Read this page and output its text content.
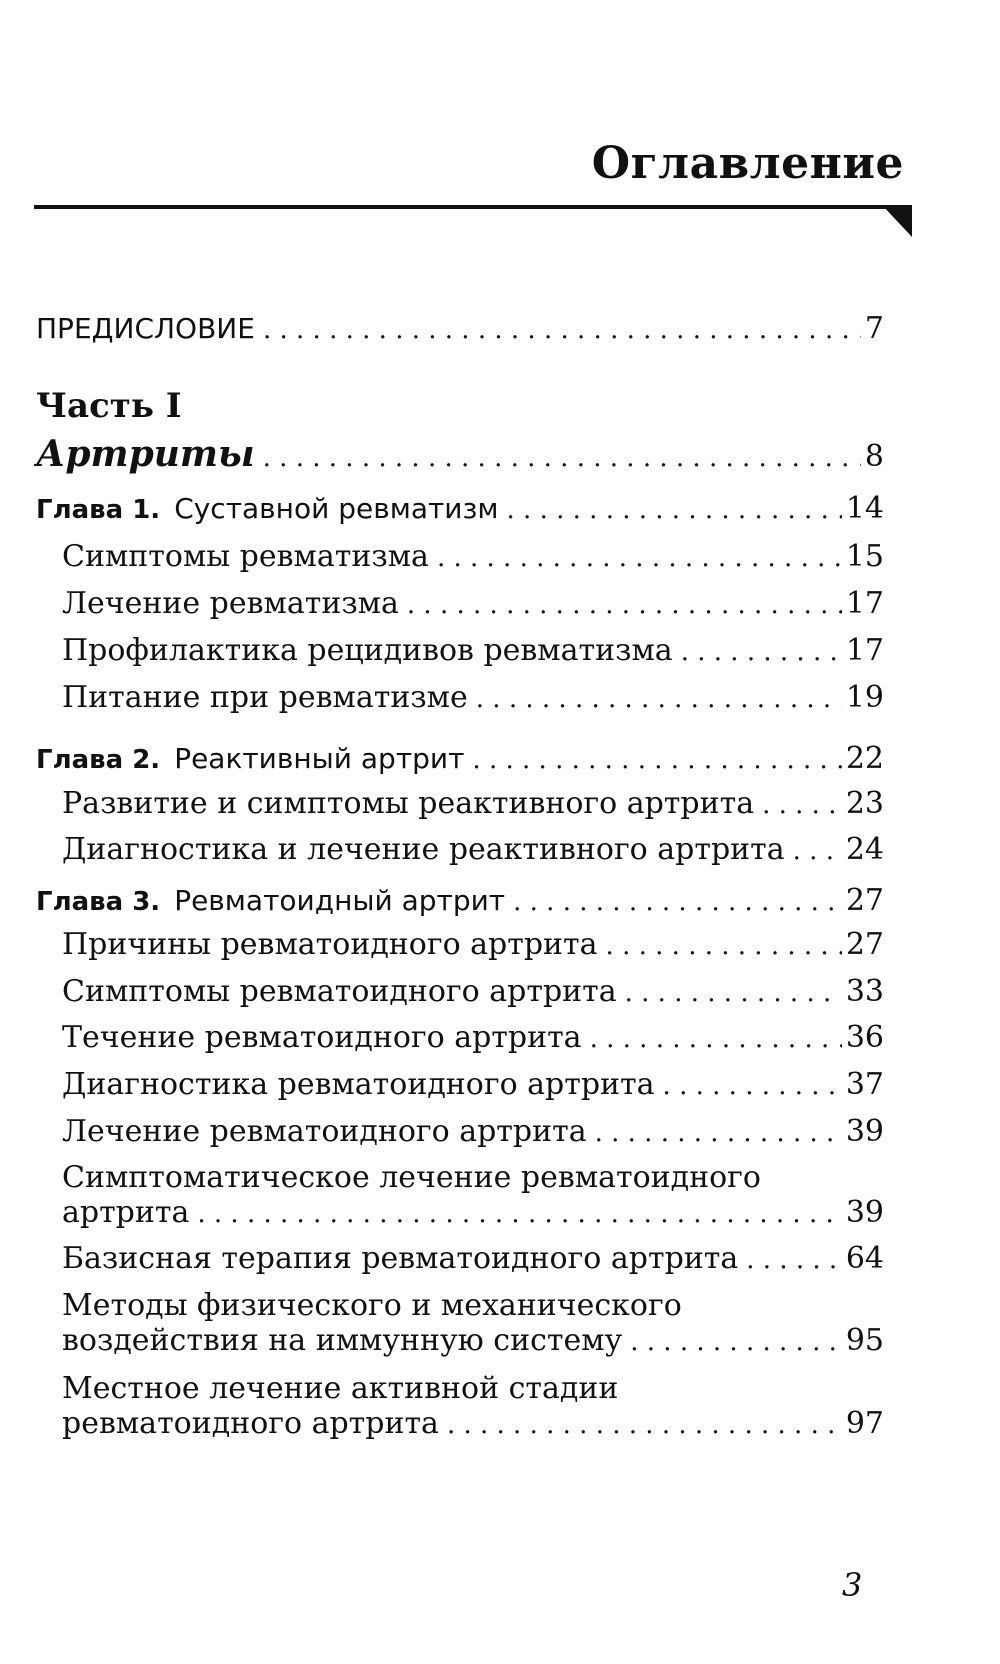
Оглавление
ПРЕДИСЛОВИЕ . . .	7
Часть I
Артриты . . .	8
Глава 1. Суставной ревматизм . . .	14
Симптомы ревматизма . . .	15
Лечение ревматизма . . .	17
Профилактика рецидивов ревматизма . . .	17
Питание при ревматизме . . .	19
Глава 2. Реактивный артрит . . .	22
Развитие и симптомы реактивного артрита . . .	23
Диагностика и лечение реактивного артрита . . . 24
Глава 3. Ревматоидный артрит . . .	27
Причины ревматоидного артрита . . .	27
Симптомы ревматоидного артрита . . .	33
Течение ревматоидного артрита . . .	36
Диагностика ревматоидного артрита . . .	37
Лечение ревматоидного артрита . . .	39
Симптоматическое лечение ревматоидного
артрита . . .	39
Базисная терапия ревматоидного артрита . . .	64
Методы физического и механического
воздействия на иммунную систему . . .	95
Местное лечение активной стадии
ревматоидного артрита . . .	97
3
